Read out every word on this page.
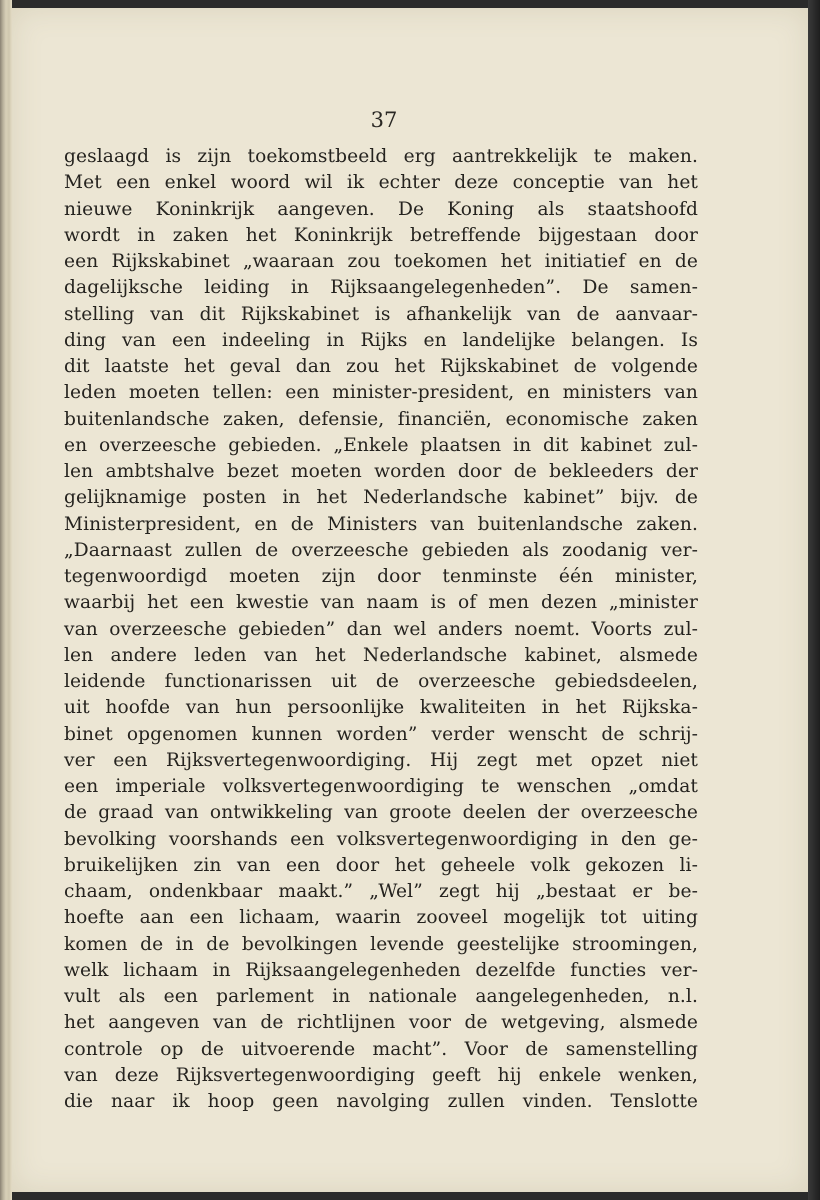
37
geslaagd is zijn toekomstbeeld erg aantrekkelijk te maken.
Met een enkel woord wil ik echter deze conceptie van het
nieuwe Koninkrijk aangeven. De Koning als staatshoofd
wordt in zaken het Koninkrijk betreffende bijgestaan door
een Rijkskabinet „waaraan zou toekomen het initiatief en de
dagelijksche leiding in Rijksaangelegenheden”. De samen-
stelling van dit Rijkskabinet is afhankelijk van de aanvaar-
ding van een indeeling in Rijks en landelijke belangen. Is
dit laatste het geval dan zou het Rijkskabinet de volgende
leden moeten tellen: een minister-president, en ministers van
buitenlandsche zaken, defensie, financiën, economische zaken
en overzeesche gebieden. „Enkele plaatsen in dit kabinet zul-
len ambtshalve bezet moeten worden door de bekleeders der
gelijknamige posten in het Nederlandsche kabinet” bijv. de
Ministerpresident, en de Ministers van buitenlandsche zaken.
„Daarnaast zullen de overzeesche gebieden als zoodanig ver-
tegenwoordigd moeten zijn door tenminste één minister,
waarbij het een kwestie van naam is of men dezen „minister
van overzeesche gebieden” dan wel anders noemt. Voorts zul-
len andere leden van het Nederlandsche kabinet, alsmede
leidende functionarissen uit de overzeesche gebiedsdeelen,
uit hoofde van hun persoonlijke kwaliteiten in het Rijkska-
binet opgenomen kunnen worden” verder wenscht de schrij-
ver een Rijksvertegenwoordiging. Hij zegt met opzet niet
een imperiale volksvertegenwoordiging te wenschen „omdat
de graad van ontwikkeling van groote deelen der overzeesche
bevolking voorshands een volksvertegenwoordiging in den ge-
bruikelijken zin van een door het geheele volk gekozen li-
chaam, ondenkbaar maakt.” „Wel” zegt hij „bestaat er be-
hoefte aan een lichaam, waarin zooveel mogelijk tot uiting
komen de in de bevolkingen levende geestelijke stroomingen,
welk lichaam in Rijksaangelegenheden dezelfde functies ver-
vult als een parlement in nationale aangelegenheden, n.l.
het aangeven van de richtlijnen voor de wetgeving, alsmede
controle op de uitvoerende macht”. Voor de samenstelling
van deze Rijksvertegenwoordiging geeft hij enkele wenken,
die naar ik hoop geen navolging zullen vinden. Tenslotte
